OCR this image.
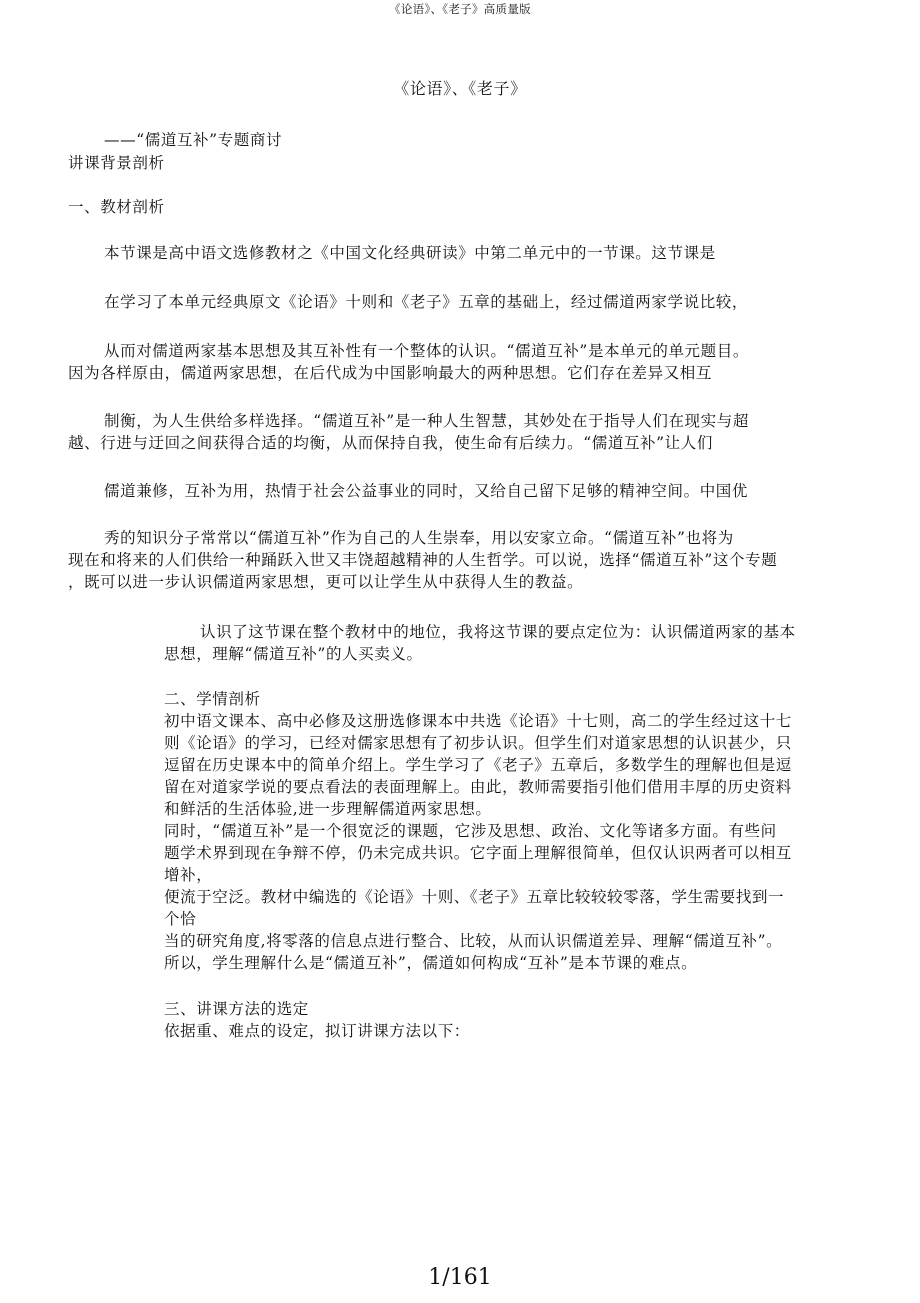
《论语》、《老子》高质量版
《论语》、《老子》
——“儒道互补”专题商讨
讲课背景剖析
一、教材剖析
本节课是高中语文选修教材之《中国文化经典研读》中第二单元中的一节课。这节课是
在学习了本单元经典原文《论语》十则和《老子》五章的基础上，经过儒道两家学说比较，
从而对儒道两家基本思想及其互补性有一个整体的认识。“儒道互补”是本单元的单元题目。
因为各样原由，儒道两家思想，在后代成为中国影响最大的两种思想。它们存在差异又相互
制衡，为人生供给多样选择。“儒道互补”是一种人生智慧，其妙处在于指导人们在现实与超
越、行进与迂回之间获得合适的均衡，从而保持自我，使生命有后续力。“儒道互补”让人们
儒道兼修，互补为用，热情于社会公益事业的同时，又给自己留下足够的精神空间。中国优
秀的知识分子常常以“儒道互补”作为自己的人生崇奉，用以安家立命。“儒道互补”也将为
现在和将来的人们供给一种踊跃入世又丰饶超越精神的人生哲学。可以说，选择“儒道互补”这个专题
，既可以进一步认识儒道两家思想，更可以让学生从中获得人生的教益。
认识了这节课在整个教材中的地位，我将这节课的要点定位为：认识儒道两家的基本
思想，理解“儒道互补”的人买卖义。
二、学情剖析
初中语文课本、高中必修及这册选修课本中共选《论语》十七则，高二的学生经过这十七
则《论语》的学习，已经对儒家思想有了初步认识。但学生们对道家思想的认识甚少，只
逗留在历史课本中的简单介绍上。学生学习了《老子》五章后，多数学生的理解也但是逗
留在对道家学说的要点看法的表面理解上。由此，教师需要指引他们借用丰厚的历史资料
和鲜活的生活体验,进一步理解儒道两家思想。
同时，“儒道互补”是一个很宽泛的课题，它涉及思想、政治、文化等诸多方面。有些问
题学术界到现在争辩不停，仍未完成共识。它字面上理解很简单，但仅认识两者可以相互
增补，
便流于空泛。教材中编选的《论语》十则、《老子》五章比较较较零落，学生需要找到一
个恰
当的研究角度,将零落的信息点进行整合、比较，从而认识儒道差异、理解“儒道互补”。
所以，学生理解什么是“儒道互补”，儒道如何构成“互补”是本节课的难点。
三、讲课方法的选定
依据重、难点的设定，拟订讲课方法以下：
1/161
